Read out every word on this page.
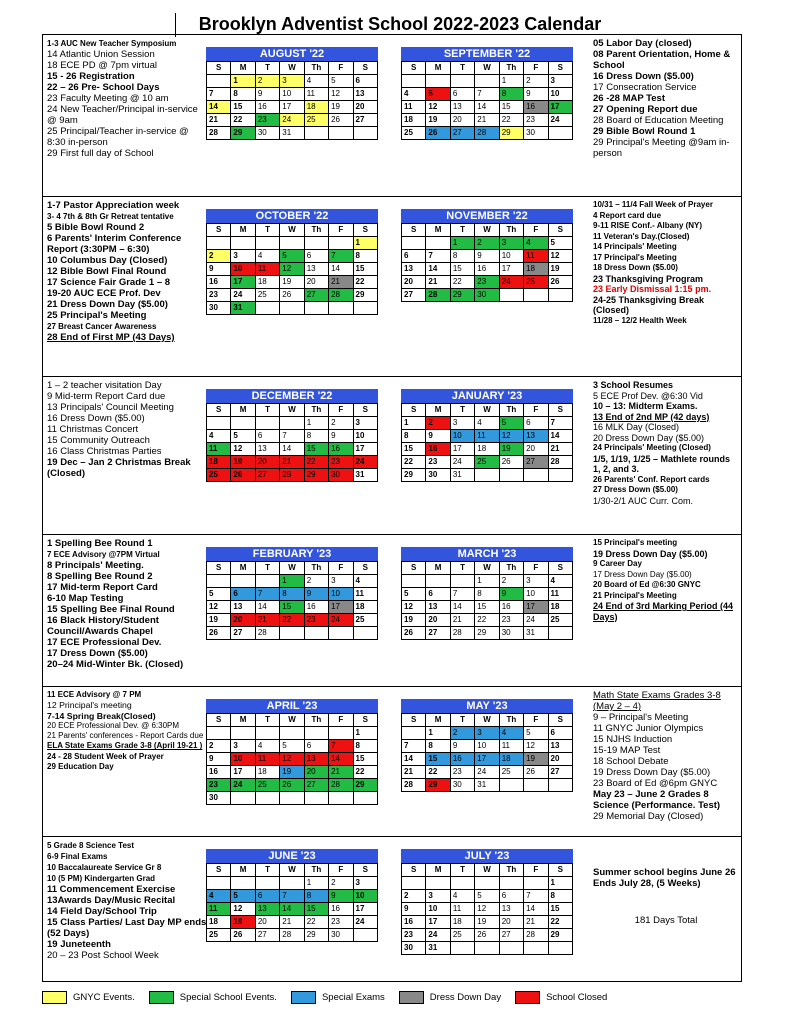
Brooklyn Adventist School 2022-2023 Calendar
1-3 AUC New Teacher Symposium
14 Atlantic Union Session
18 ECE PD @ 7pm virtual
15 - 26 Registration
22 – 26 Pre- School Days
23 Faculty Meeting @ 10 am
24 New Teacher/Principal in-service @ 9am
25 Principal/Teacher in-service @ 8:30 in-person
29 First full day of School
05 Labor Day (closed)
08 Parent Orientation, Home & School
16 Dress Down ($5.00)
17 Consecration Service
26 -28 MAP Test
27 Opening Report due
28 Board of Education Meeting
29 Bible Bowl Round 1
29 Principal's Meeting @9am in-person
AUGUST '22
S	M	T	W	Th	F	S
	1	2	3	4	5	6
7	8	9	10	11	12	13
14	15	16	17	18	19	20
21	22	23	24	25	26	27
28	29	30	31			
SEPTEMBER '22
S	M	T	W	Th	F	S
				1	2	3
4	5	6	7	8	9	10
11	12	13	14	15	16	17
18	19	20	21	22	23	24
25	26	27	28	29	30	
1-7 Pastor Appreciation week
3- 4 7th & 8th Gr Retreat tentative
5 Bible Bowl Round 2
6 Parents' Interim Conference Report (3:30PM – 6:30)
10 Columbus Day (Closed)
12 Bible Bowl Final Round
17 Science Fair Grade 1 – 8
19-20 AUC ECE Prof. Dev
21 Dress Down Day ($5.00)
25 Principal's Meeting
27 Breast Cancer Awareness
28 End of First MP (43 Days)
10/31 – 11/4 Fall Week of Prayer
4 Report card due
9-11 RISE Conf.- Albany (NY)
11 Veteran's Day.(Closed)
14 Principals' Meeting
17 Principal's Meeting
18 Dress Down ($5.00)
23 Thanksgiving Program
23 Early Dismissal 1:15 pm.
24-25 Thanksgiving Break (Closed)
11/28 – 12/2 Health Week
OCTOBER '22
S	M	T	W	Th	F	S
						1
2	3	4	5	6	7	8
9	10	11	12	13	14	15
16	17	18	19	20	21	22
23	24	25	26	27	28	29
30	31					
NOVEMBER '22
S	M	T	W	Th	F	S
		1	2	3	4	5
6	7	8	9	10	11	12
13	14	15	16	17	18	19
20	21	22	23	24	25	26
27	28	29	30			
1 – 2 teacher visitation Day
9 Mid-term Report Card due
13 Principals' Council Meeting
16 Dress Down ($5.00)
11 Christmas Concert
15 Community Outreach
16 Class Christmas Parties
19 Dec – Jan 2 Christmas Break (Closed)
3 School Resumes
5 ECE Prof Dev. @6:30 Vid
10 – 13: Midterm Exams.
13 End of 2nd MP (42 days)
16 MLK Day (Closed)
20 Dress Down Day ($5.00)
24 Principals' Meeting (Closed)
1/5, 1/19, 1/25 – Mathlete rounds 1, 2, and 3.
26 Parents' Conf. Report cards
27 Dress Down ($5.00)
1/30-2/1 AUC Curr. Com.
DECEMBER '22
S	M	T	W	Th	F	S
				1	2	3
4	5	6	7	8	9	10
11	12	13	14	15	16	17
18	19	20	21	22	23	24
25	26	27	28	29	30	31
JANUARY '23
S	M	T	W	Th	F	S
1	2	3	4	5	6	7
8	9	10	11	12	13	14
15	16	17	18	19	20	21
22	23	24	25	26	27	28
29	30	31				
1 Spelling Bee Round 1
7 ECE Advisory @7PM Virtual
8 Principals' Meeting.
8 Spelling Bee Round 2
17 Mid-term Report Card
6-10 Map Testing
15 Spelling Bee Final Round
16 Black History/Student Council/Awards Chapel
17 ECE Professional Dev.
17 Dress Down ($5.00)
20–24 Mid-Winter Bk. (Closed)
15 Principal's meeting
19 Dress Down Day ($5.00)
9 Career Day
17 Dress Down Day ($5.00)
20 Board of Ed @6:30 GNYC
21 Principal's Meeting
24 End of 3rd Marking Period (44 Days)
FEBRUARY '23
S	M	T	W	Th	F	S
			1	2	3	4
5	6	7	8	9	10	11
12	13	14	15	16	17	18
19	20	21	22	23	24	25
26	27	28				
MARCH '23
S	M	T	W	Th	F	S
			1	2	3	4
5	6	7	8	9	10	11
12	13	14	15	16	17	18
19	20	21	22	23	24	25
26	27	28	29	30	31	
11 ECE Advisory @ 7 PM
12 Principal's meeting
7-14 Spring Break(Closed)
20 ECE Professional Dev. @ 6:30PM
21 Parents' conferences - Report Cards due
ELA State Exams Grade 3-8 (April 19-21 )
24 - 28 Student Week of Prayer
29 Education Day
Math State Exams Grades 3-8 (May 2 – 4)
9 – Principal's Meeting
11 GNYC Junior Olympics
15 NJHS Induction
15-19 MAP Test
18 School Debate
19 Dress Down Day ($5.00)
23 Board of Ed @6pm GNYC
May 23 – June 2 Grades 8 Science (Performance. Test)
29 Memorial Day (Closed)
APRIL '23
S	M	T	W	Th	F	S
						1
2	3	4	5	6	7	8
9	10	11	12	13	14	15
16	17	18	19	20	21	22
23	24	25	26	27	28	29
30						
MAY '23
S	M	T	W	Th	F	S
	1	2	3	4	5	6
7	8	9	10	11	12	13
14	15	16	17	18	19	20
21	22	23	24	25	26	27
28	29	30	31			
5 Grade 8 Science Test
6-9 Final Exams
10 Baccalaureate Service Gr 8
10 (5 PM) Kindergarten Grad
11 Commencement Exercise
13Awards Day/Music Recital
14 Field Day/School Trip
15 Class Parties/ Last Day MP ends (52 Days)
19 Juneteenth
20 – 23 Post School Week
Summer school begins June 26 Ends July 28, (5 Weeks)

181 Days Total
JUNE '23
S	M	T	W	Th	F	S
				1	2	3
4	5	6	7	8	9	10
11	12	13	14	15	16	17
18	19	20	21	22	23	24
25	26	27	28	29	30	
JULY '23
S	M	T	W	Th	F	S
						1
2	3	4	5	6	7	8
9	10	11	12	13	14	15
16	17	18	19	20	21	22
23	24	25	26	27	28	29
30	31					
GNYC Events.	Special School Events.	Special Exams	Dress Down Day	School Closed
